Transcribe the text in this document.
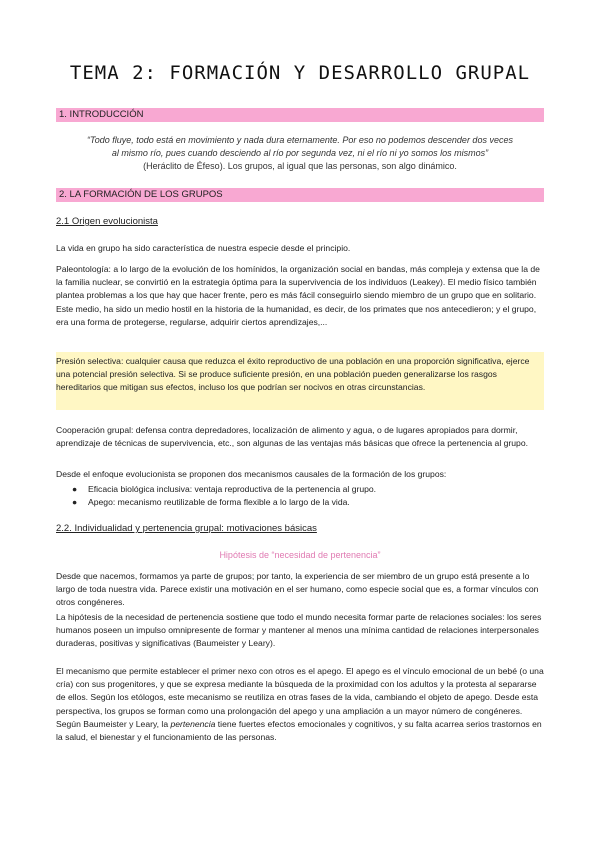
TEMA 2: FORMACIÓN Y DESARROLLO GRUPAL
1. INTRODUCCIÓN
“Todo fluye, todo está en movimiento y nada dura eternamente. Por eso no podemos descender dos veces
al mismo río, pues cuando desciendo al río por segunda vez, ni el río ni yo somos los mismos”
(Heráclito de Éfeso). Los grupos, al igual que las personas, son algo dinámico.
2. LA FORMACIÓN DE LOS GRUPOS
2.1 Origen evolucionista

La vida en grupo ha sido característica de nuestra especie desde el principio.

Paleontología: a lo largo de la evolución de los homínidos, la organización social en bandas, más compleja y extensa que la de la familia nuclear, se convirtió en la estrategia óptima para la supervivencia de los individuos (Leakey). El medio físico también plantea problemas a los que hay que hacer frente, pero es más fácil conseguirlo siendo miembro de un grupo que en solitario. Este medio, ha sido un medio hostil en la historia de la humanidad, es decir, de los primates que nos antecedieron; y el grupo, era una forma de protegerse, regularse, adquirir ciertos aprendizajes,...

Presión selectiva: cualquier causa que reduzca el éxito reproductivo de una población en una proporción significativa, ejerce una potencial presión selectiva. Si se produce suficiente presión, en una población pueden generalizarse los rasgos hereditarios que mitigan sus efectos, incluso los que podrían ser nocivos en otras circunstancias.

Cooperación grupal: defensa contra depredadores, localización de alimento y agua, o de lugares apropiados para dormir, aprendizaje de técnicas de supervivencia, etc., son algunas de las ventajas más básicas que ofrece la pertenencia al grupo.

Desde el enfoque evolucionista se proponen dos mecanismos causales de la formación de los grupos:

●	Eficacia biológica inclusiva: ventaja reproductiva de la pertenencia al grupo.
●	Apego: mecanismo reutilizable de forma flexible a lo largo de la vida.
2.2. Individualidad y pertenencia grupal: motivaciones básicas
Hipótesis de “necesidad de pertenencia”

Desde que nacemos, formamos ya parte de grupos; por tanto, la experiencia de ser miembro de un grupo está presente a lo largo de toda nuestra vida. Parece existir una motivación en el ser humano, como especie social que es, a formar vínculos con otros congéneres.

La hipótesis de la necesidad de pertenencia sostiene que todo el mundo necesita formar parte de relaciones sociales: los seres humanos poseen un impulso omnipresente de formar y mantener al menos una mínima cantidad de relaciones interpersonales duraderas, positivas y significativas (Baumeister y Leary).

El mecanismo que permite establecer el primer nexo con otros es el apego. El apego es el vínculo emocional de un bebé (o una cría) con sus progenitores, y que se expresa mediante la búsqueda de la proximidad con los adultos y la protesta al separarse de ellos. Según los etólogos, este mecanismo se reutiliza en otras fases de la vida, cambiando el objeto de apego. Desde esta perspectiva, los grupos se forman como una prolongación del apego y una ampliación a un mayor número de congéneres. Según Baumeister y Leary, la pertenencia tiene fuertes efectos emocionales y cognitivos, y su falta acarrea serios trastornos en la salud, el bienestar y el funcionamiento de las personas.
